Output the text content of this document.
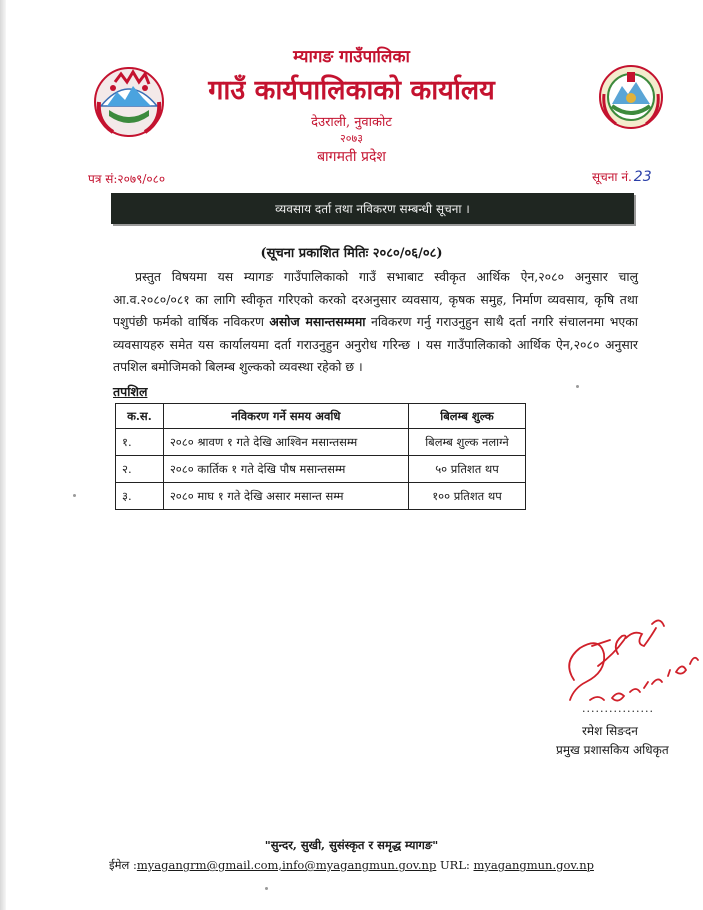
म्यागङ गाउँपालिका
गाउँ कार्यपालिकाको कार्यालय
देउराली, नुवाकोट
२०७३
बागमती प्रदेश
पत्र सं:२०७९/०८०	सूचना नं. 23
व्यवसाय दर्ता तथा नविकरण सम्बन्धी सूचना ।
(सूचना प्रकाशित मितिः २०८०/०६/०८)
प्रस्तुत विषयमा यस म्यागङ गाउँपालिकाको गाउँ सभाबाट स्वीकृत आर्थिक ऐन,२०८० अनुसार चालु आ.व.२०८०/०८१ का लागि स्वीकृत गरिएको करको दरअनुसार व्यवसाय, कृषक समुह, निर्माण व्यवसाय, कृषि तथा पशुपंछी फर्मको वार्षिक नविकरण असोज मसान्तसम्ममा नविकरण गर्नु गराउनुहुन साथै दर्ता नगरि संचालनमा भएका व्यवसायहरु समेत यस कार्यालयमा दर्ता गराउनुहुन अनुरोध गरिन्छ । यस गाउँपालिकाको आर्थिक ऐन,२०८० अनुसार तपशिल बमोजिमको बिलम्ब शुल्कको व्यवस्था रहेको छ ।
तपशिल
क.स.	नविकरण गर्ने समय अवधि	बिलम्ब शुल्क
१.	२०८० श्रावण १ गते देखि आश्विन मसान्तसम्म	बिलम्ब शुल्क नलाग्ने
२.	२०८० कार्तिक १ गते देखि पौष मसान्तसम्म	५० प्रतिशत थप
३.	२०८० माघ १ गते देखि असार मसान्त सम्म	१०० प्रतिशत थप
................
रमेश सिङदन
प्रमुख प्रशासकिय अधिकृत
"सुन्दर, सुखी, सुसंस्कृत र समृद्ध म्यागङ"
ईमेल :myagangrm@gmail.com,info@myagangmun.gov.np URL: myagangmun.gov.np
